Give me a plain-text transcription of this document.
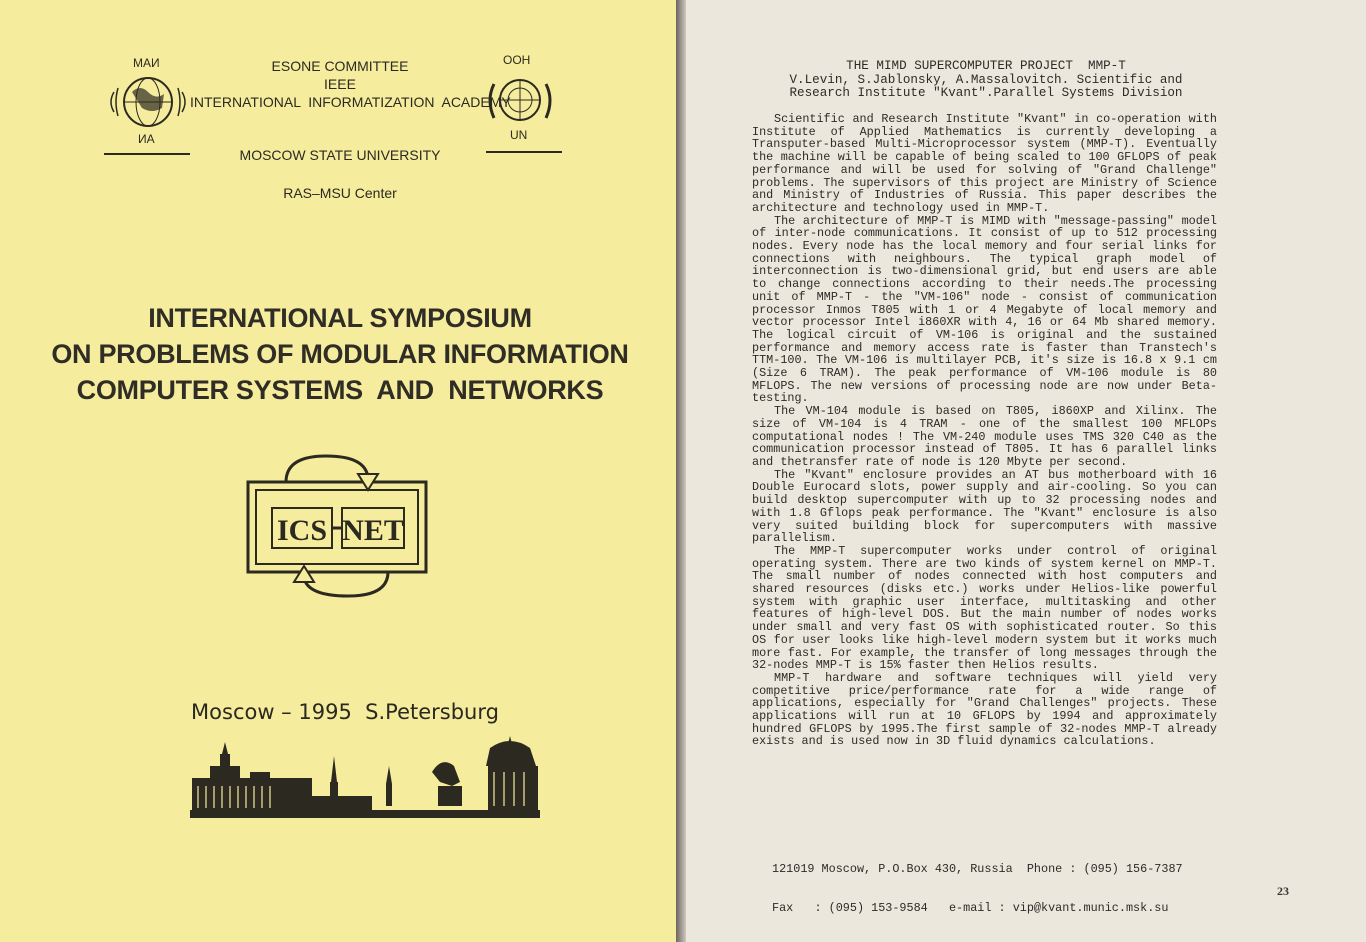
МАИ
ИА
ООН
UN
ESONE COMMITTEE
IEEE
INTERNATIONAL  INFORMATIZATION  ACADEMY
MOSCOW STATE UNIVERSITY
RAS–MSU Center
INTERNATIONAL SYMPOSIUM
ON PROBLEMS OF MODULAR INFORMATION
COMPUTER SYSTEMS  AND  NETWORKS
ICS NET
Moscow – 1995  S.Petersburg
THE MIMD SUPERCOMPUTER PROJECT  MMP-T
V.Levin, S.Jablonsky, A.Massalovitch. Scientific and
Research Institute "Kvant".Parallel Systems Division

Scientific and Research Institute "Kvant" in co-operation with Institute of Applied Mathematics is currently developing a Transputer-based Multi-Microprocessor system (MMP-T). Eventually the machine will be capable of being scaled to 100 GFLOPS of peak performance and will be used for solving of "Grand Challenge" problems. The supervisors of this project are Ministry of Science and Ministry of Industries of Russia. This paper describes the architecture and technology used in MMP-T.

The architecture of MMP-T is MIMD with "message-passing" model of inter-node communications. It consist of up to 512 processing nodes. Every node has the local memory and four serial links for connections with neighbours. The typical graph model of interconnection is two-dimensional grid, but end users are able to change connections according to their needs.The processing unit of MMP-T - the "VM-106" node - consist of communication processor Inmos T805 with 1 or 4 Megabyte of local memory and vector processor Intel i860XR with 4, 16 or 64 Mb shared memory. The logical circuit of VM-106 is original and the sustained performance and memory access rate is faster than Transtech's TTM-100. The VM-106 is multilayer PCB, it's size is 16.8 x 9.1 cm (Size 6 TRAM). The peak performance of VM-106 module is 80 MFLOPS. The new versions of processing node are now under Beta-testing.

The VM-104 module is based on T805, i860XP and Xilinx. The size of VM-104 is 4 TRAM - one of the smallest 100 MFLOPs computational nodes ! The VM-240 module uses TMS 320 C40 as the communication processor instead of T805. It has 6 parallel links and thetransfer rate of node is 120 Mbyte per second.

The "Kvant" enclosure provides an AT bus motherboard with 16 Double Eurocard slots, power supply and air-cooling. So you can build desktop supercomputer with up to 32 processing nodes and with 1.8 Gflops peak performance. The "Kvant" enclosure is also very suited building block for supercomputers with massive parallelism.

The MMP-T supercomputer works under control of original operating system. There are two kinds of system kernel on MMP-T. The small number of nodes connected with host computers and shared resources (disks etc.) works under Helios-like powerful system with graphic user interface, multitasking and other features of high-level DOS. But the main number of nodes works under small and very fast OS with sophisticated router. So this OS for user looks like high-level modern system but it works much more fast. For example, the transfer of long messages through the 32-nodes MMP-T is 15% faster then Helios results.

MMP-T hardware and software techniques will yield very competitive price/performance rate for a wide range of applications, especially for "Grand Challenges" projects. These applications will run at 10 GFLOPS by 1994 and approximately hundred GFLOPS by 1995.The first sample of 32-nodes MMP-T already exists and is used now in 3D fluid dynamics calculations.

121019 Moscow, P.O.Box 430, Russia  Phone : (095) 156-7387

Fax   : (095) 153-9584   e-mail : vip@kvant.munic.msk.su

23
